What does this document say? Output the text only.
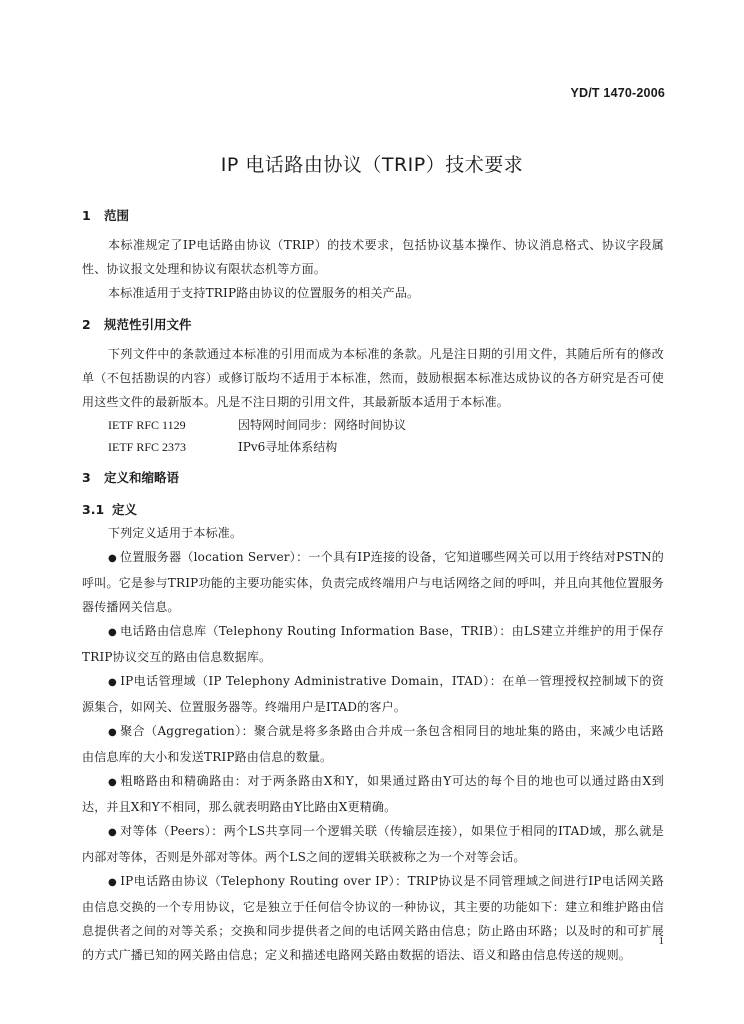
YD/T 1470-2006
IP 电话路由协议（TRIP）技术要求
1 范围

本标准规定了IP电话路由协议（TRIP）的技术要求，包括协议基本操作、协议消息格式、协议字段属性、协议报文处理和协议有限状态机等方面。

本标准适用于支持TRIP路由协议的位置服务的相关产品。

2 规范性引用文件

下列文件中的条款通过本标准的引用而成为本标准的条款。凡是注日期的引用文件，其随后所有的修改单（不包括勘误的内容）或修订版均不适用于本标准，然而，鼓励根据本标准达成协议的各方研究是否可使用这些文件的最新版本。凡是不注日期的引用文件，其最新版本适用于本标准。

IETF RFC 1129	因特网时间同步：网络时间协议
IETF RFC 2373	IPv6寻址体系结构
3 定义和缩略语
3.1 定义

下列定义适用于本标准。

● 位置服务器（location Server）：一个具有IP连接的设备，它知道哪些网关可以用于终结对PSTN的呼叫。它是参与TRIP功能的主要功能实体，负责完成终端用户与电话网络之间的呼叫，并且向其他位置服务器传播网关信息。

● 电话路由信息库（Telephony Routing Information Base，TRIB）：由LS建立并维护的用于保存TRIP协议交互的路由信息数据库。

● IP电话管理域（IP Telephony Administrative Domain，ITAD）：在单一管理授权控制域下的资源集合，如网关、位置服务器等。终端用户是ITAD的客户。

● 聚合（Aggregation）：聚合就是将多条路由合并成一条包含相同目的地址集的路由，来减少电话路由信息库的大小和发送TRIP路由信息的数量。

● 粗略路由和精确路由：对于两条路由X和Y，如果通过路由Y可达的每个目的地也可以通过路由X到达，并且X和Y不相同，那么就表明路由Y比路由X更精确。

● 对等体（Peers）：两个LS共享同一个逻辑关联（传输层连接），如果位于相同的ITAD域，那么就是内部对等体，否则是外部对等体。两个LS之间的逻辑关联被称之为一个对等会话。

● IP电话路由协议（Telephony Routing over IP）：TRIP协议是不同管理域之间进行IP电话网关路由信息交换的一个专用协议，它是独立于任何信令协议的一种协议，其主要的功能如下：建立和维护路由信息提供者之间的对等关系；交换和同步提供者之间的电话网关路由信息；防止路由环路；以及时的和可扩展的方式广播已知的网关路由信息；定义和描述电路网关路由数据的语法、语义和路由信息传送的规则。

1
